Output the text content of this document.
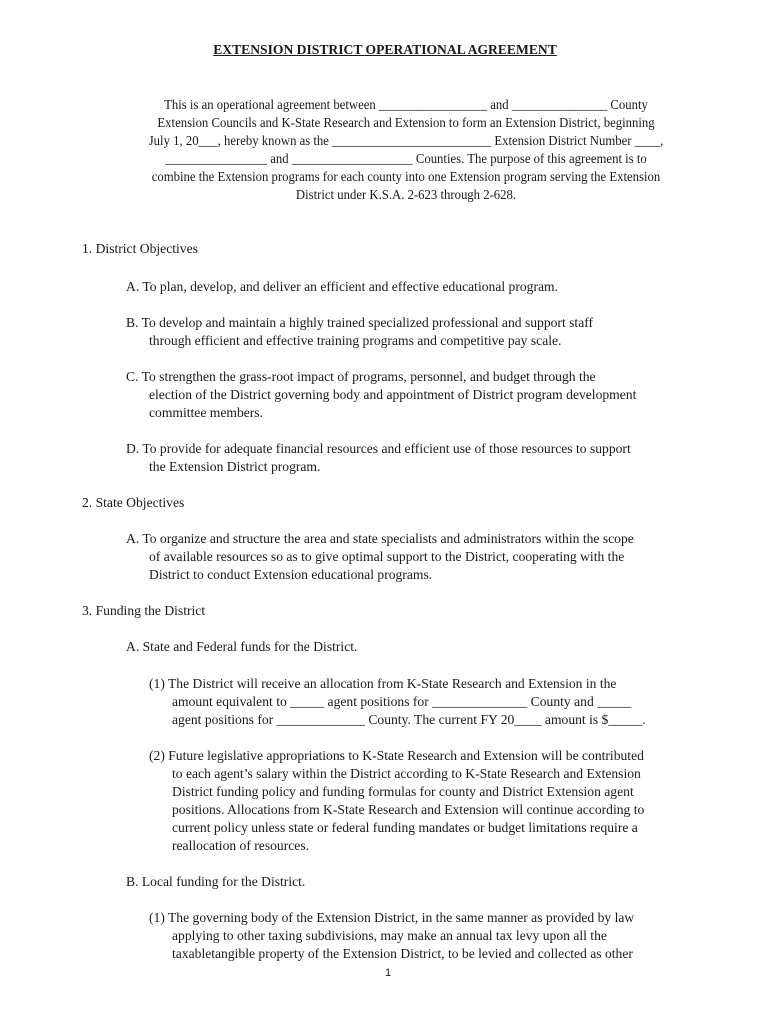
EXTENSION DISTRICT OPERATIONAL AGREEMENT
This is an operational agreement between _________________ and _______________ County
Extension Councils and K-State Research and Extension to form an Extension District, beginning
July 1, 20___, hereby known as the _________________________ Extension District Number ____,
________________ and ___________________ Counties. The purpose of this agreement is to
combine the Extension programs for each county into one Extension program serving the Extension
District under K.S.A. 2-623 through 2-628.
1. District Objectives
A. To plan, develop, and deliver an efficient and effective educational program.
B. To develop and maintain a highly trained specialized professional and support staff
through efficient and effective training programs and competitive pay scale.
C. To strengthen the grass-root impact of programs, personnel, and budget through the
election of the District governing body and appointment of District program development
committee members.
D. To provide for adequate financial resources and efficient use of those resources to support
the Extension District program.
2. State Objectives
A. To organize and structure the area and state specialists and administrators within the scope
of available resources so as to give optimal support to the District, cooperating with the
District to conduct Extension educational programs.
3. Funding the District
A. State and Federal funds for the District.
(1) The District will receive an allocation from K-State Research and Extension in the
amount equivalent to _____ agent positions for ______________ County and _____
agent positions for _____________ County. The current FY 20____ amount is $_____.
(2) Future legislative appropriations to K-State Research and Extension will be contributed
to each agent’s salary within the District according to K-State Research and Extension
District funding policy and funding formulas for county and District Extension agent
positions. Allocations from K-State Research and Extension will continue according to
current policy unless state or federal funding mandates or budget limitations require a
reallocation of resources.
B. Local funding for the District.
(1) The governing body of the Extension District, in the same manner as provided by law
applying to other taxing subdivisions, may make an annual tax levy upon all the
taxabletangible property of the Extension District, to be levied and collected as other
1
